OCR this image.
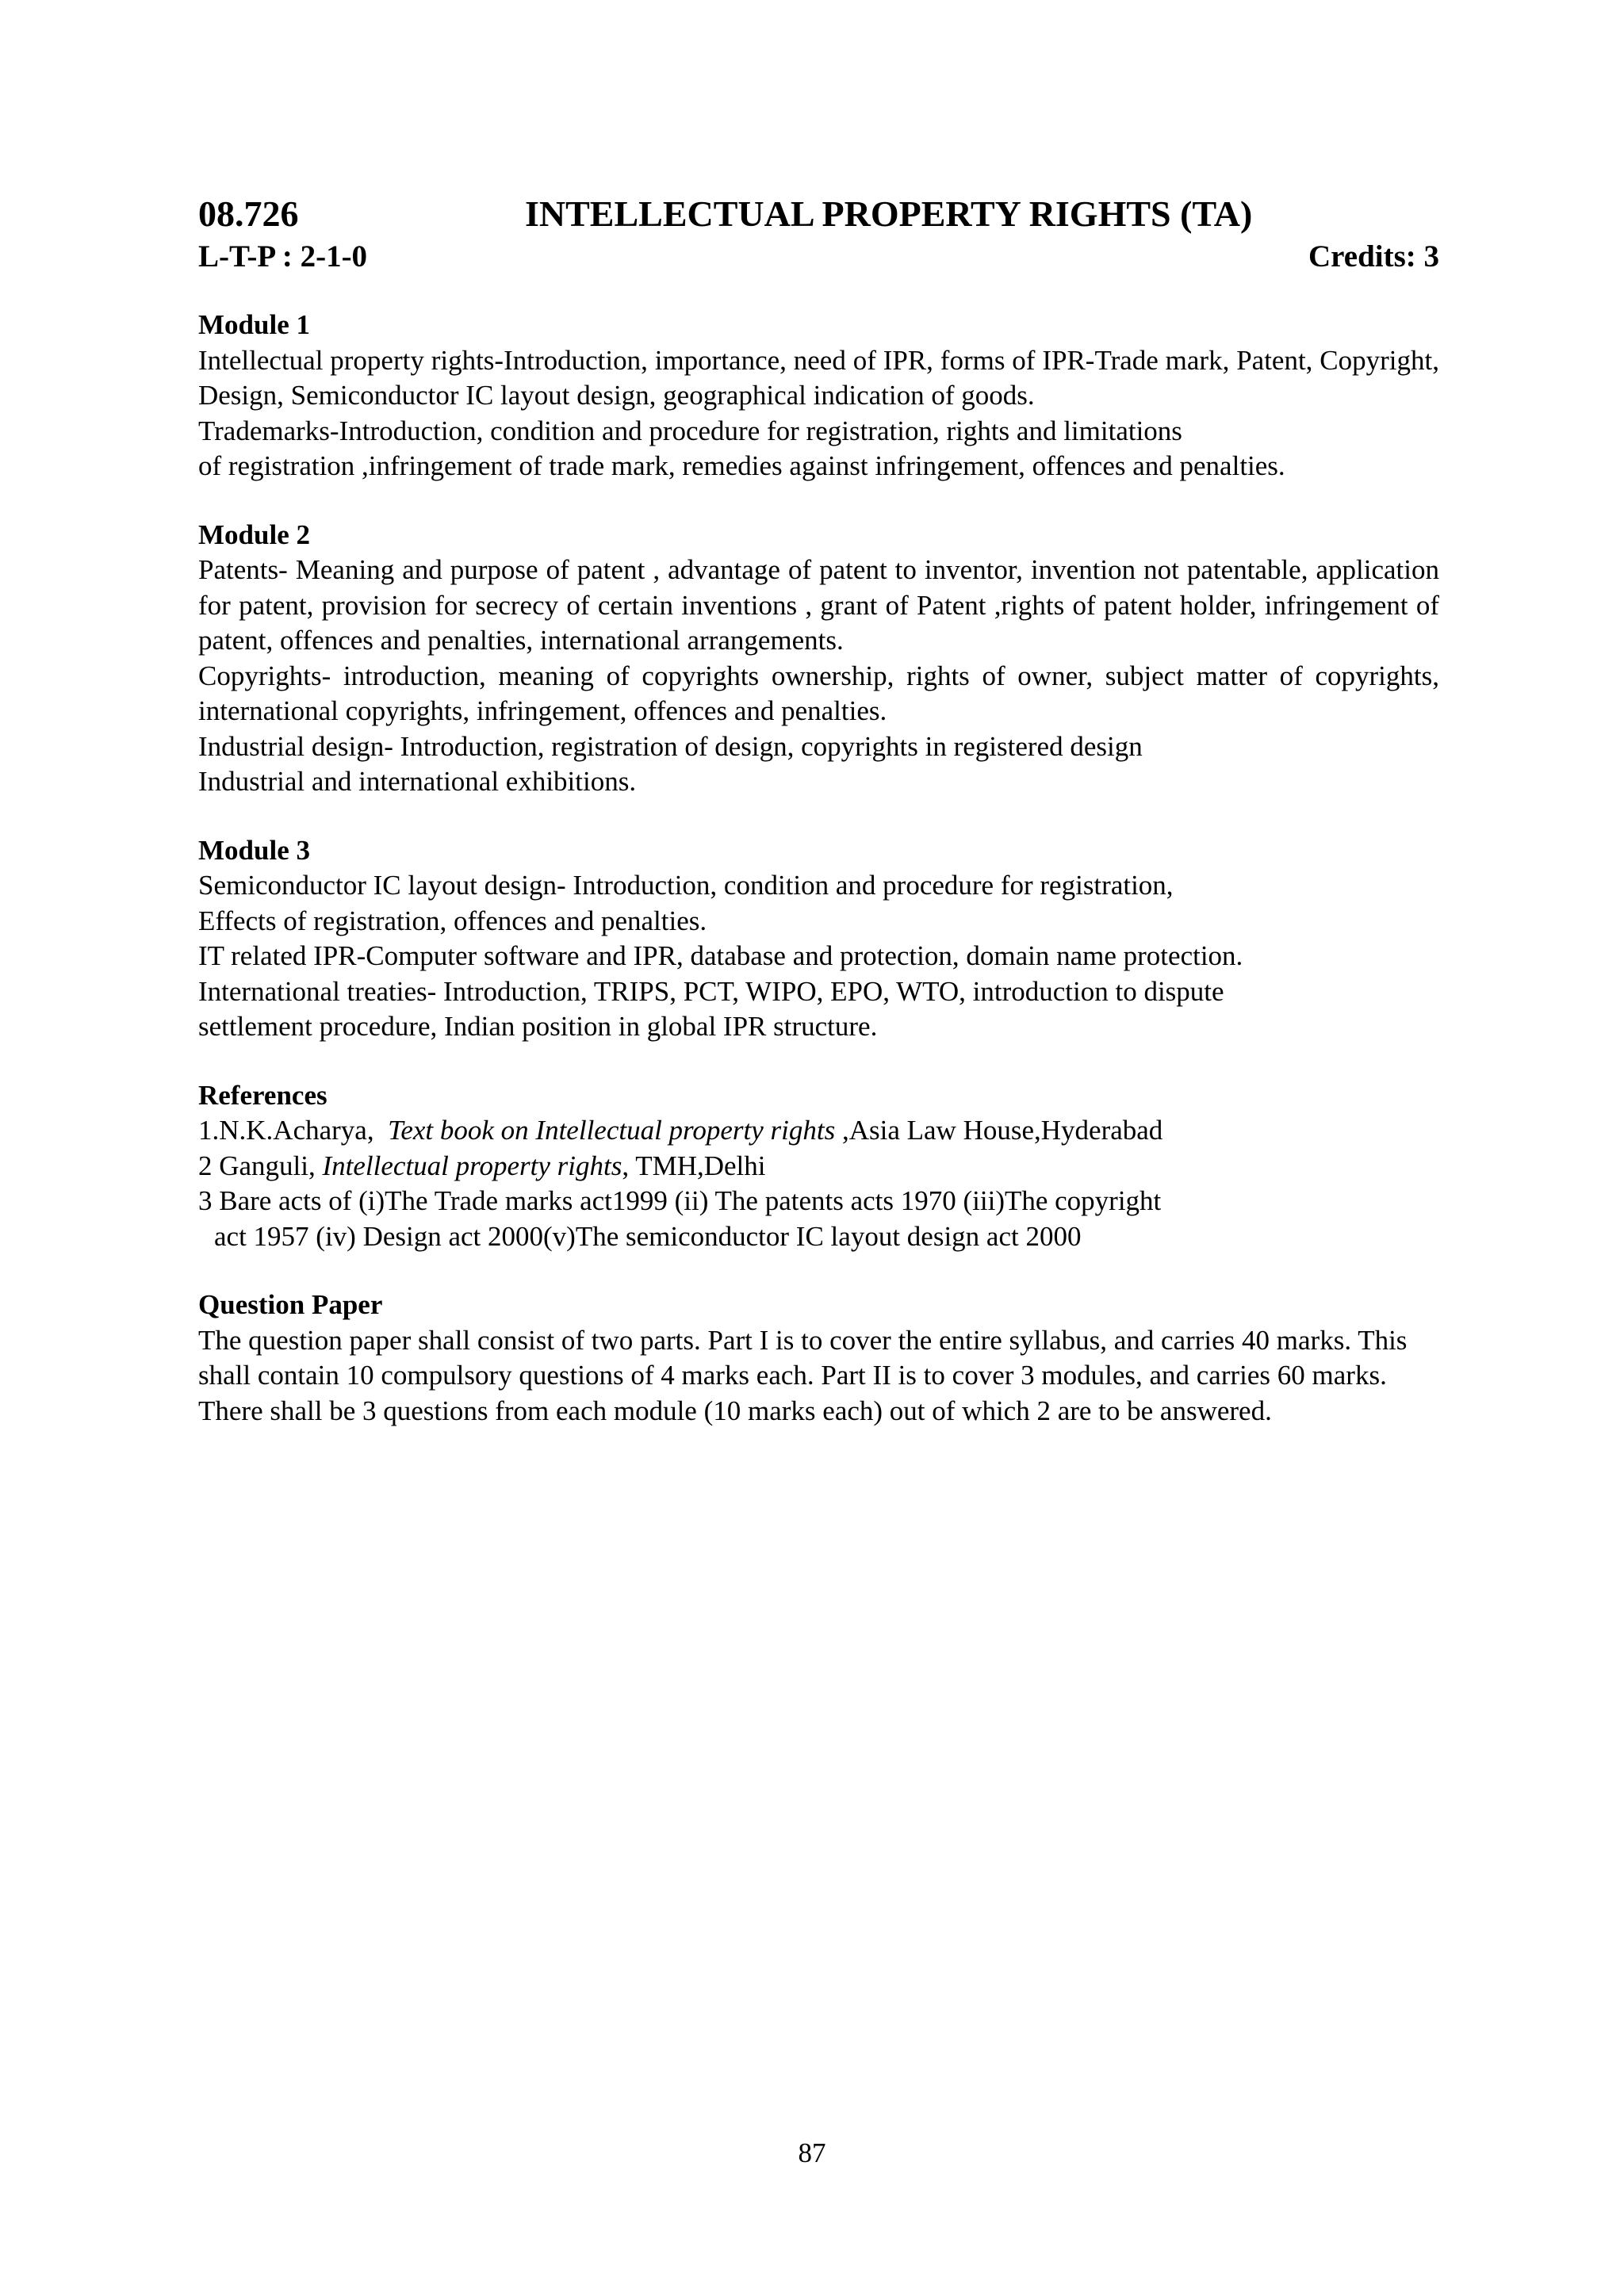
08.726	INTELLECTUAL PROPERTY RIGHTS (TA)
L-T-P : 2-1-0	Credits: 3
Module 1

Intellectual property rights-Introduction, importance, need of IPR, forms of IPR-Trade mark, Patent, Copyright, Design, Semiconductor IC layout design, geographical indication of goods.

Trademarks-Introduction, condition and procedure for registration, rights and limitations

of registration ,infringement of trade mark, remedies against infringement, offences and penalties.

Module 2

Patents- Meaning and purpose of patent , advantage of patent to inventor, invention not patentable, application for patent, provision for secrecy of certain inventions , grant of Patent ,rights of patent holder, infringement of patent, offences and penalties, international arrangements.

Copyrights- introduction, meaning of copyrights ownership, rights of owner, subject matter of copyrights, international copyrights, infringement, offences and penalties.

Industrial design- Introduction, registration of design, copyrights in registered design

Industrial and international exhibitions.

Module 3

Semiconductor IC layout design- Introduction, condition and procedure for registration,

Effects of registration, offences and penalties.

IT related IPR-Computer software and IPR, database and protection, domain name protection.

International treaties- Introduction, TRIPS, PCT, WIPO, EPO, WTO, introduction to dispute

settlement procedure, Indian position in global IPR structure.

References

1.N.K.Acharya,  Text book on Intellectual property rights ,Asia Law House,Hyderabad

2 Ganguli, Intellectual property rights, TMH,Delhi

3 Bare acts of (i)The Trade marks act1999 (ii) The patents acts 1970 (iii)The copyright

act 1957 (iv) Design act 2000(v)The semiconductor IC layout design act 2000

Question Paper

The question paper shall consist of two parts. Part I is to cover the entire syllabus, and carries 40 marks. This shall contain 10 compulsory questions of 4 marks each. Part II is to cover 3 modules, and carries 60 marks. There shall be 3 questions from each module (10 marks each) out of which 2 are to be answered.

87
